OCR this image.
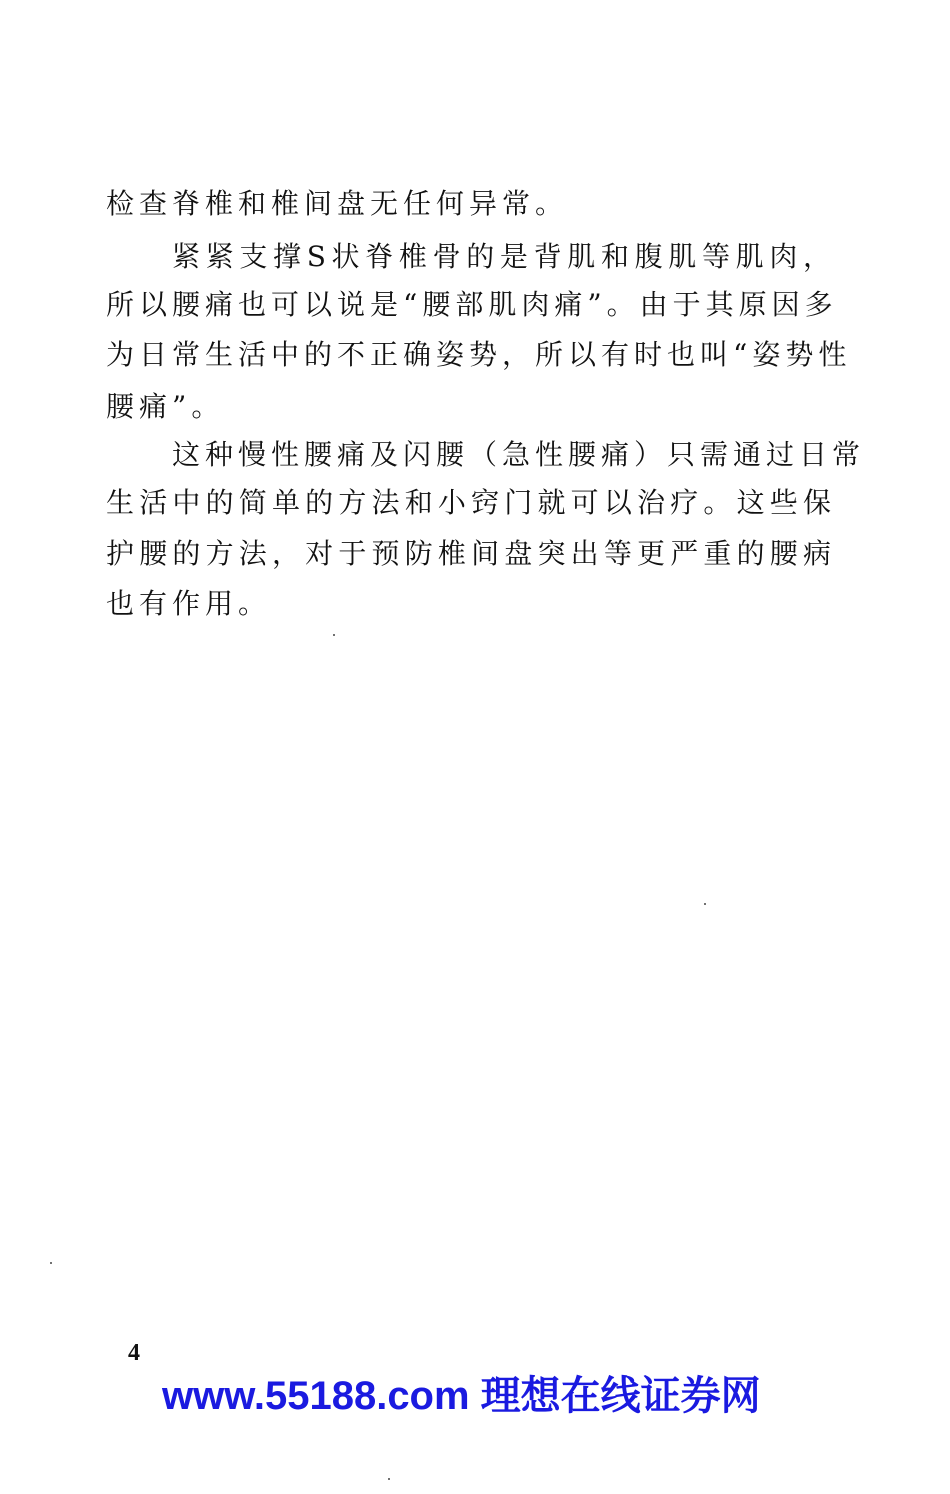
检查脊椎和椎间盘无任何异常。
紧紧支撑S状脊椎骨的是背肌和腹肌等肌肉，
所以腰痛也可以说是“腰部肌肉痛”。由于其原因多
为日常生活中的不正确姿势，所以有时也叫“姿势性
腰痛”。
这种慢性腰痛及闪腰（急性腰痛）只需通过日常
生活中的简单的方法和小窍门就可以治疗。这些保
护腰的方法，对于预防椎间盘突出等更严重的腰病
也有作用。
4
www.55188.com 理想在线证券网
